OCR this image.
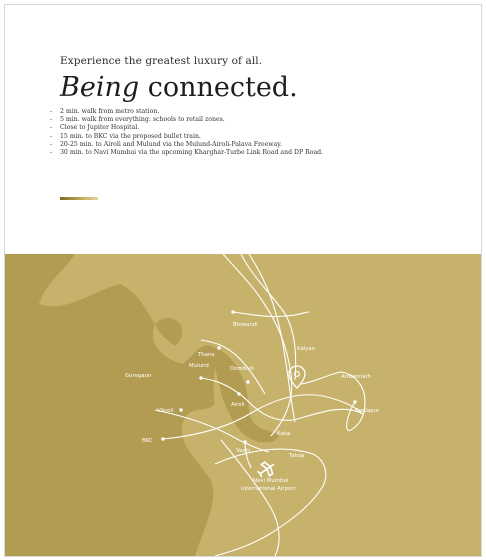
Experience the greatest luxury of all.

Being connected.
- 2 min. walk from metro station.
- 5 min. walk from everything: schools to retail zones.
- Close to Jupiter Hospital.
- 15 min. to BKC via the proposed bullet train.
- 20-25 min. to Airoli and Mulund via the Mulund-Airoli-Palava Freeway.
- 30 min. to Navi Mumbai via the upcoming Kharghar-Turbe Link Road and DP Road.
Bhiwandi
Thane
Kalyan
Mulund	Dombivli
Goregaon	Ambernath
Airoli
Badlapur
Vikroli
Katai
BKC
Vashi
Taloja
Navi Mumbai
International Airport
